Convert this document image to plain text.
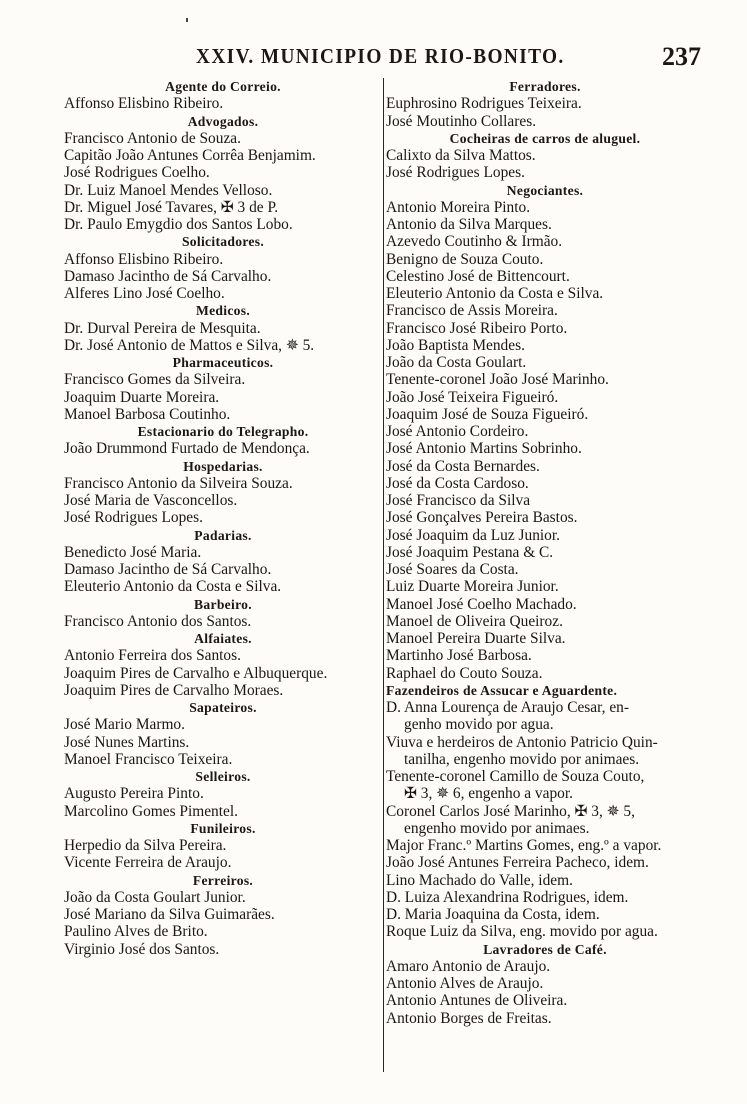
XXIV. MUNICIPIO DE RIO-BONITO.	237
Agente do Correio.
Affonso Elisbino Ribeiro.
Advogados.
Francisco Antonio de Souza.
Capitão João Antunes Corrêa Benjamim.
José Rodrigues Coelho.
Dr. Luiz Manoel Mendes Velloso.
Dr. Miguel José Tavares, ✠ 3 de P.
Dr. Paulo Emygdio dos Santos Lobo.
Solicitadores.
Affonso Elisbino Ribeiro.
Damaso Jacintho de Sá Carvalho.
Alferes Lino José Coelho.
Medicos.
Dr. Durval Pereira de Mesquita.
Dr. José Antonio de Mattos e Silva, ✵ 5.
Pharmaceuticos.
Francisco Gomes da Silveira.
Joaquim Duarte Moreira.
Manoel Barbosa Coutinho.
Estacionario do Telegrapho.
João Drummond Furtado de Mendonça.
Hospedarias.
Francisco Antonio da Silveira Souza.
José Maria de Vasconcellos.
José Rodrigues Lopes.
Padarias.
Benedicto José Maria.
Damaso Jacintho de Sá Carvalho.
Eleuterio Antonio da Costa e Silva.
Barbeiro.
Francisco Antonio dos Santos.
Alfaiates.
Antonio Ferreira dos Santos.
Joaquim Pires de Carvalho e Albuquerque.
Joaquim Pires de Carvalho Moraes.
Sapateiros.
José Mario Marmo.
José Nunes Martins.
Manoel Francisco Teixeira.
Selleiros.
Augusto Pereira Pinto.
Marcolino Gomes Pimentel.
Funileiros.
Herpedio da Silva Pereira.
Vicente Ferreira de Araujo.
Ferreiros.
João da Costa Goulart Junior.
José Mariano da Silva Guimarães.
Paulino Alves de Brito.
Virginio José dos Santos.
Ferradores.
Euphrosino Rodrigues Teixeira.
José Moutinho Collares.
Cocheiras de carros de aluguel.
Calixto da Silva Mattos.
José Rodrigues Lopes.
Negociantes.
Antonio Moreira Pinto.
Antonio da Silva Marques.
Azevedo Coutinho & Irmão.
Benigno de Souza Couto.
Celestino José de Bittencourt.
Eleuterio Antonio da Costa e Silva.
Francisco de Assis Moreira.
Francisco José Ribeiro Porto.
João Baptista Mendes.
João da Costa Goulart.
Tenente-coronel João José Marinho.
João José Teixeira Figueiró.
Joaquim José de Souza Figueiró.
José Antonio Cordeiro.
José Antonio Martins Sobrinho.
José da Costa Bernardes.
José da Costa Cardoso.
José Francisco da Silva
José Gonçalves Pereira Bastos.
José Joaquim da Luz Junior.
José Joaquim Pestana & C.
José Soares da Costa.
Luiz Duarte Moreira Junior.
Manoel José Coelho Machado.
Manoel de Oliveira Queiroz.
Manoel Pereira Duarte Silva.
Martinho José Barbosa.
Raphael do Couto Souza.
Fazendeiros de Assucar e Aguardente.
D. Anna Lourença de Araujo Cesar, en-
genho movido por agua.
Viuva e herdeiros de Antonio Patricio Quin-
tanilha, engenho movido por animaes.
Tenente-coronel Camillo de Souza Couto,
✠ 3, ✵ 6, engenho a vapor.
Coronel Carlos José Marinho, ✠ 3, ✵ 5,
engenho movido por animaes.
Major Franc.º Martins Gomes, eng.º a vapor.
João José Antunes Ferreira Pacheco, idem.
Lino Machado do Valle, idem.
D. Luiza Alexandrina Rodrigues, idem.
D. Maria Joaquina da Costa, idem.
Roque Luiz da Silva, eng. movido por agua.
Lavradores de Café.
Amaro Antonio de Araujo.
Antonio Alves de Araujo.
Antonio Antunes de Oliveira.
Antonio Borges de Freitas.
